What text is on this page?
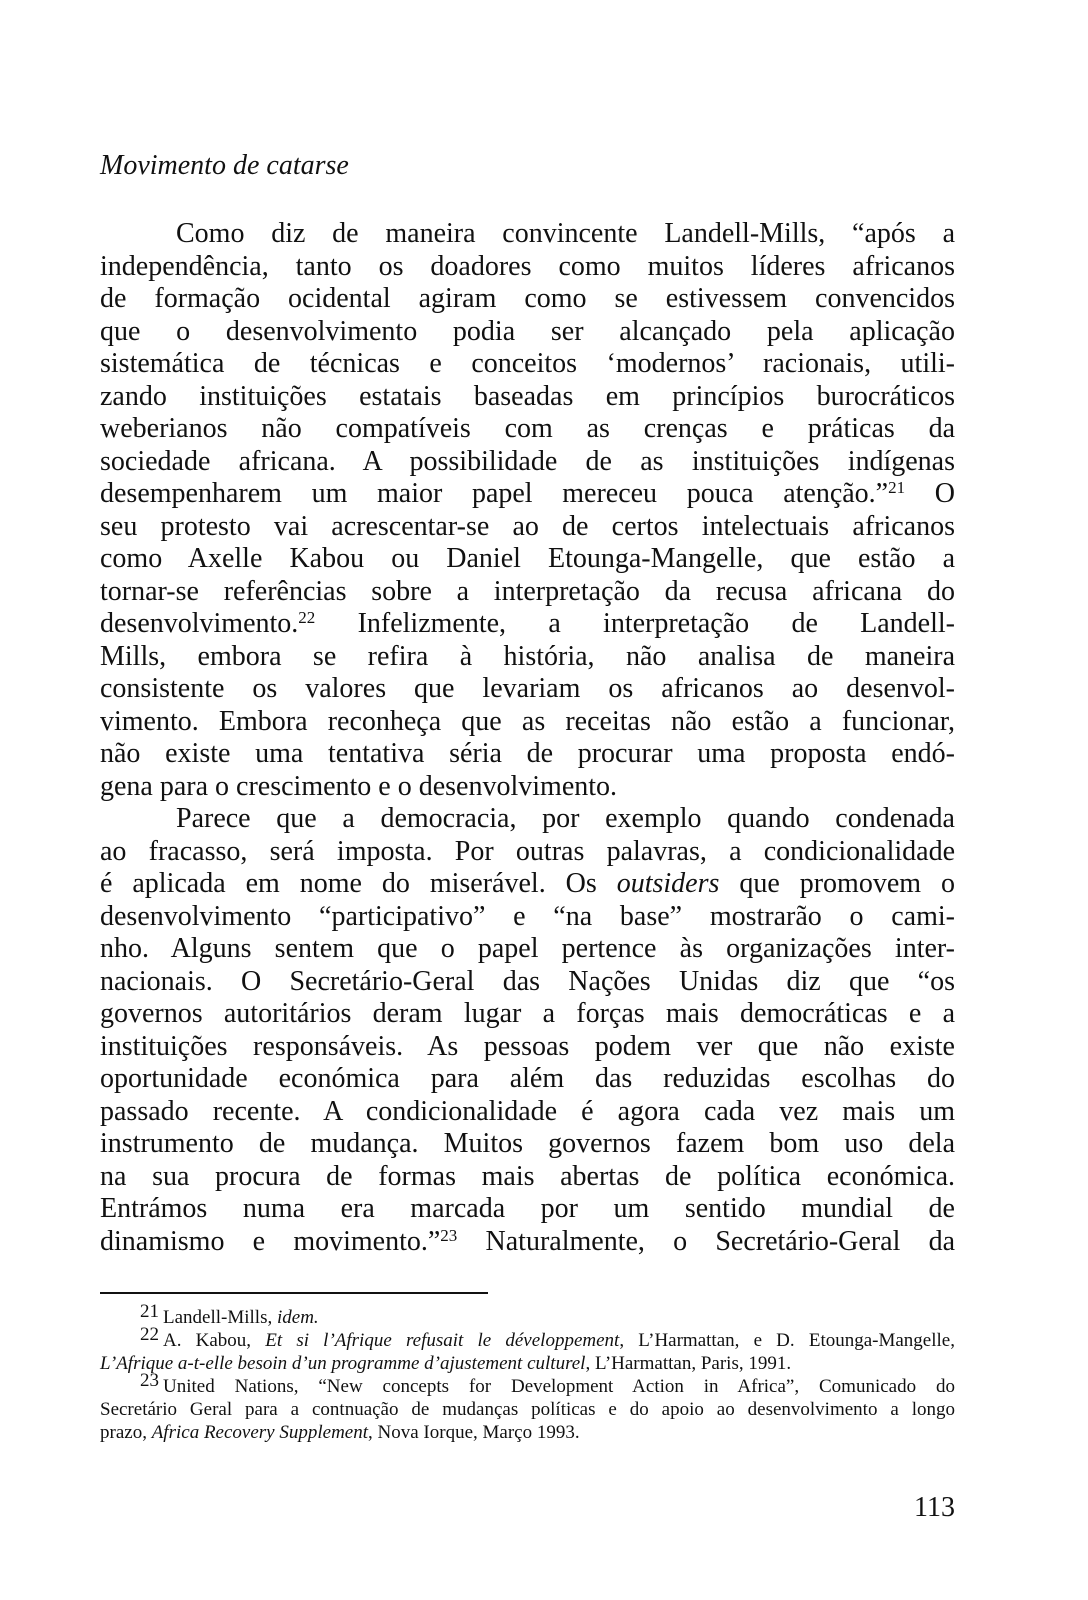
Movimento de catarse
Como diz de maneira convincente Landell-Mills, “após a
independência, tanto os doadores como muitos líderes africanos
de formação ocidental agiram como se estivessem convencidos
que o desenvolvimento podia ser alcançado pela aplicação
sistemática de técnicas e conceitos ‘modernos’ racionais, utili-
zando instituições estatais baseadas em princípios burocráticos
weberianos não compatíveis com as crenças e práticas da
sociedade africana. A possibilidade de as instituições indígenas
desempenharem um maior papel mereceu pouca atenção.”$^{21}$ O
seu protesto vai acrescentar-se ao de certos intelectuais africanos
como Axelle Kabou ou Daniel Etounga-Mangelle, que estão a
tornar-se referências sobre a interpretação da recusa africana do
desenvolvimento.$^{22}$ Infelizmente, a interpretação de Landell-
Mills, embora se refira à história, não analisa de maneira
consistente os valores que levariam os africanos ao desenvol-
vimento. Embora reconheça que as receitas não estão a funcionar,
não existe uma tentativa séria de procurar uma proposta endó-
gena para o crescimento e o desenvolvimento.
Parece que a democracia, por exemplo quando condenada
ao fracasso, será imposta. Por outras palavras, a condicionalidade
é aplicada em nome do miserável. Os outsiders que promovem o
desenvolvimento “participativo” e “na base” mostrarão o cami-
nho. Alguns sentem que o papel pertence às organizações inter-
nacionais. O Secretário-Geral das Nações Unidas diz que “os
governos autoritários deram lugar a forças mais democráticas e a
instituições responsáveis. As pessoas podem ver que não existe
oportunidade económica para além das reduzidas escolhas do
passado recente. A condicionalidade é agora cada vez mais um
instrumento de mudança. Muitos governos fazem bom uso dela
na sua procura de formas mais abertas de política económica.
Entrámos numa era marcada por um sentido mundial de
dinamismo e movimento.”$^{23}$ Naturalmente, o Secretário-Geral da
$^{21}$ Landell-Mills, idem.
$^{22}$ A. Kabou, Et si l’Afrique refusait le développement, L’Harmattan, e D. Etounga-Mangelle,
L’Afrique a-t-elle besoin d’un programme d’ajustement culturel, L’Harmattan, Paris, 1991.
$^{23}$ United Nations, “New concepts for Development Action in Africa”, Comunicado do
Secretário Geral para a contnuação de mudanças políticas e do apoio ao desenvolvimento a longo
prazo, Africa Recovery Supplement, Nova Iorque, Março 1993.
113
